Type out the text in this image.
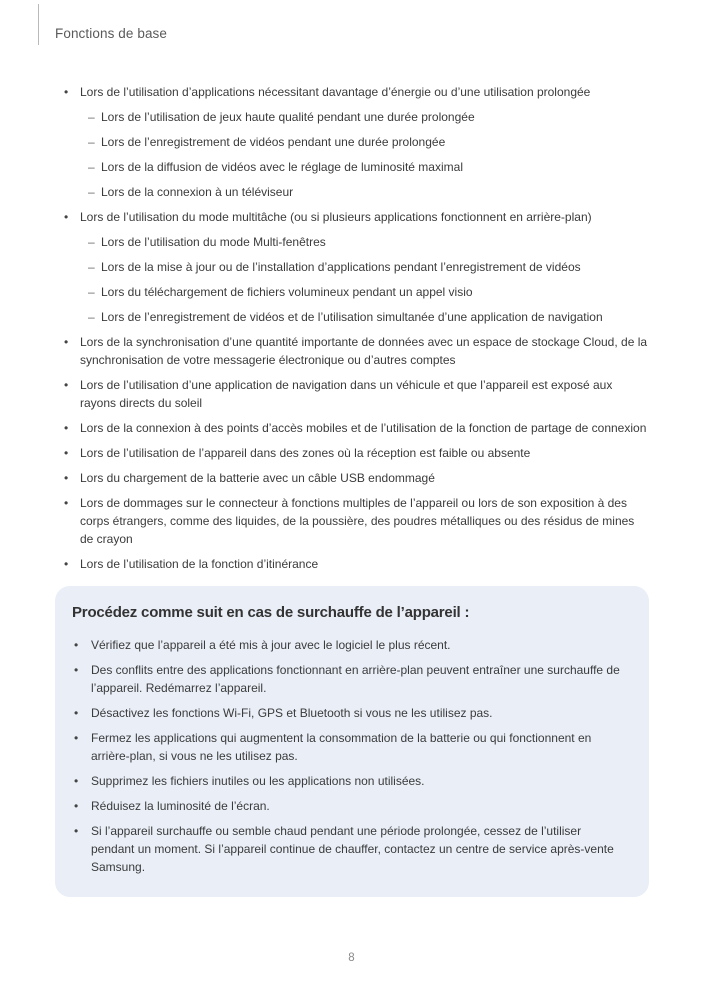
Fonctions de base
• Lors de l’utilisation d’applications nécessitant davantage d’énergie ou d’une utilisation prolongée
– Lors de l’utilisation de jeux haute qualité pendant une durée prolongée
– Lors de l’enregistrement de vidéos pendant une durée prolongée
– Lors de la diffusion de vidéos avec le réglage de luminosité maximal
– Lors de la connexion à un téléviseur
• Lors de l’utilisation du mode multitâche (ou si plusieurs applications fonctionnent en arrière-plan)
– Lors de l’utilisation du mode Multi-fenêtres
– Lors de la mise à jour ou de l’installation d’applications pendant l’enregistrement de vidéos
– Lors du téléchargement de fichiers volumineux pendant un appel visio
– Lors de l’enregistrement de vidéos et de l’utilisation simultanée d’une application de navigation
• Lors de la synchronisation d’une quantité importante de données avec un espace de stockage Cloud, de la synchronisation de votre messagerie électronique ou d’autres comptes
• Lors de l’utilisation d’une application de navigation dans un véhicule et que l’appareil est exposé aux rayons directs du soleil
• Lors de la connexion à des points d’accès mobiles et de l’utilisation de la fonction de partage de connexion
• Lors de l’utilisation de l’appareil dans des zones où la réception est faible ou absente
• Lors du chargement de la batterie avec un câble USB endommagé
• Lors de dommages sur le connecteur à fonctions multiples de l’appareil ou lors de son exposition à des corps étrangers, comme des liquides, de la poussière, des poudres métalliques ou des résidus de mines de crayon
• Lors de l’utilisation de la fonction d’itinérance
Procédez comme suit en cas de surchauffe de l’appareil :
•	Vérifiez que l’appareil a été mis à jour avec le logiciel le plus récent.
•	Des conflits entre des applications fonctionnant en arrière-plan peuvent entraîner une surchauffe de l’appareil. Redémarrez l’appareil.
•	Désactivez les fonctions Wi-Fi, GPS et Bluetooth si vous ne les utilisez pas.
•	Fermez les applications qui augmentent la consommation de la batterie ou qui fonctionnent en arrière-plan, si vous ne les utilisez pas.
•	Supprimez les fichiers inutiles ou les applications non utilisées.
•	Réduisez la luminosité de l’écran.
•	Si l’appareil surchauffe ou semble chaud pendant une période prolongée, cessez de l’utiliser pendant un moment. Si l’appareil continue de chauffer, contactez un centre de service après-vente Samsung.
8
